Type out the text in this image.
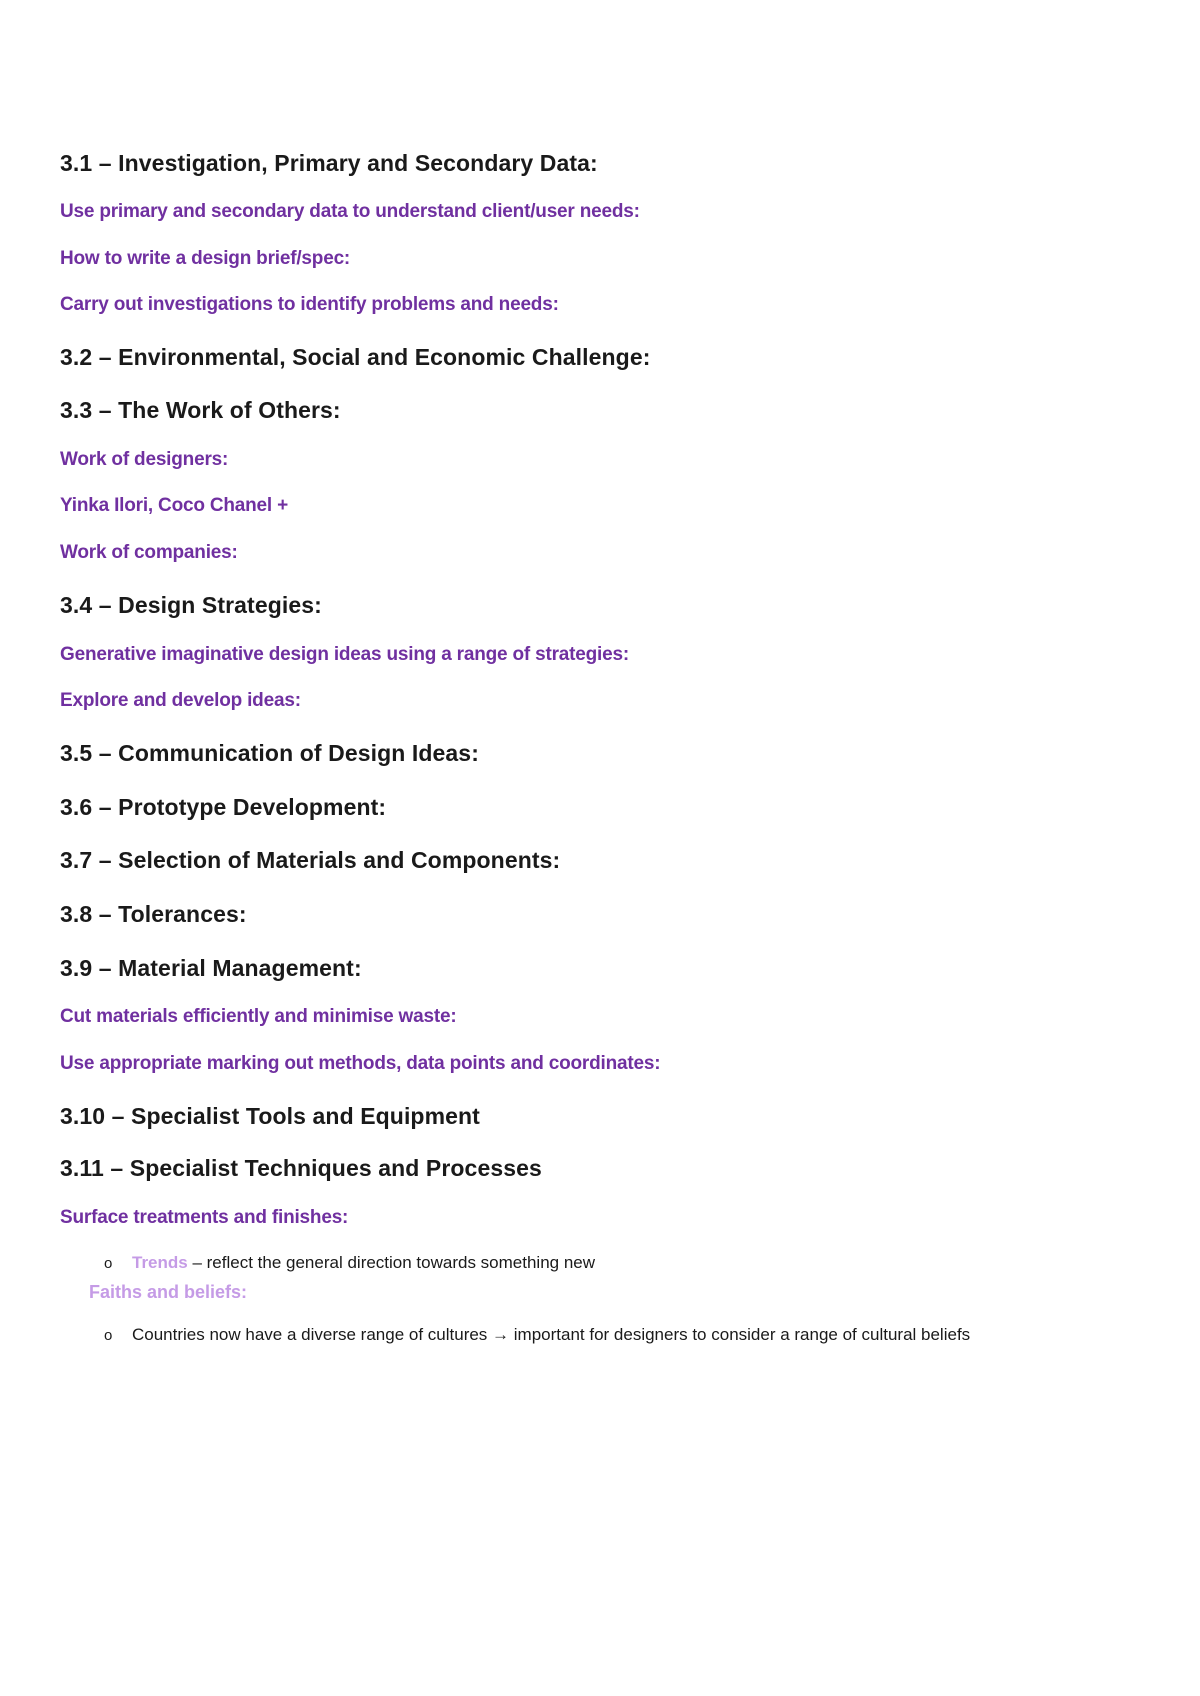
3.1 – Investigation, Primary and Secondary Data:
Use primary and secondary data to understand client/user needs:
How to write a design brief/spec:
Carry out investigations to identify problems and needs:
3.2 – Environmental, Social and Economic Challenge:
3.3 – The Work of Others:
Work of designers:
Yinka Ilori, Coco Chanel +
Work of companies:
3.4 – Design Strategies:
Generative imaginative design ideas using a range of strategies:
Explore and develop ideas:
3.5 – Communication of Design Ideas:
3.6 – Prototype Development:
3.7 – Selection of Materials and Components:
3.8 – Tolerances:
3.9 – Material Management:
Cut materials efficiently and minimise waste:
Use appropriate marking out methods, data points and coordinates:
3.10 – Specialist Tools and Equipment
3.11 – Specialist Techniques and Processes
Surface treatments and finishes:
o Trends – reflect the general direction towards something new
Faiths and beliefs:
o Countries now have a diverse range of cultures → important for designers to consider a range of cultural beliefs
